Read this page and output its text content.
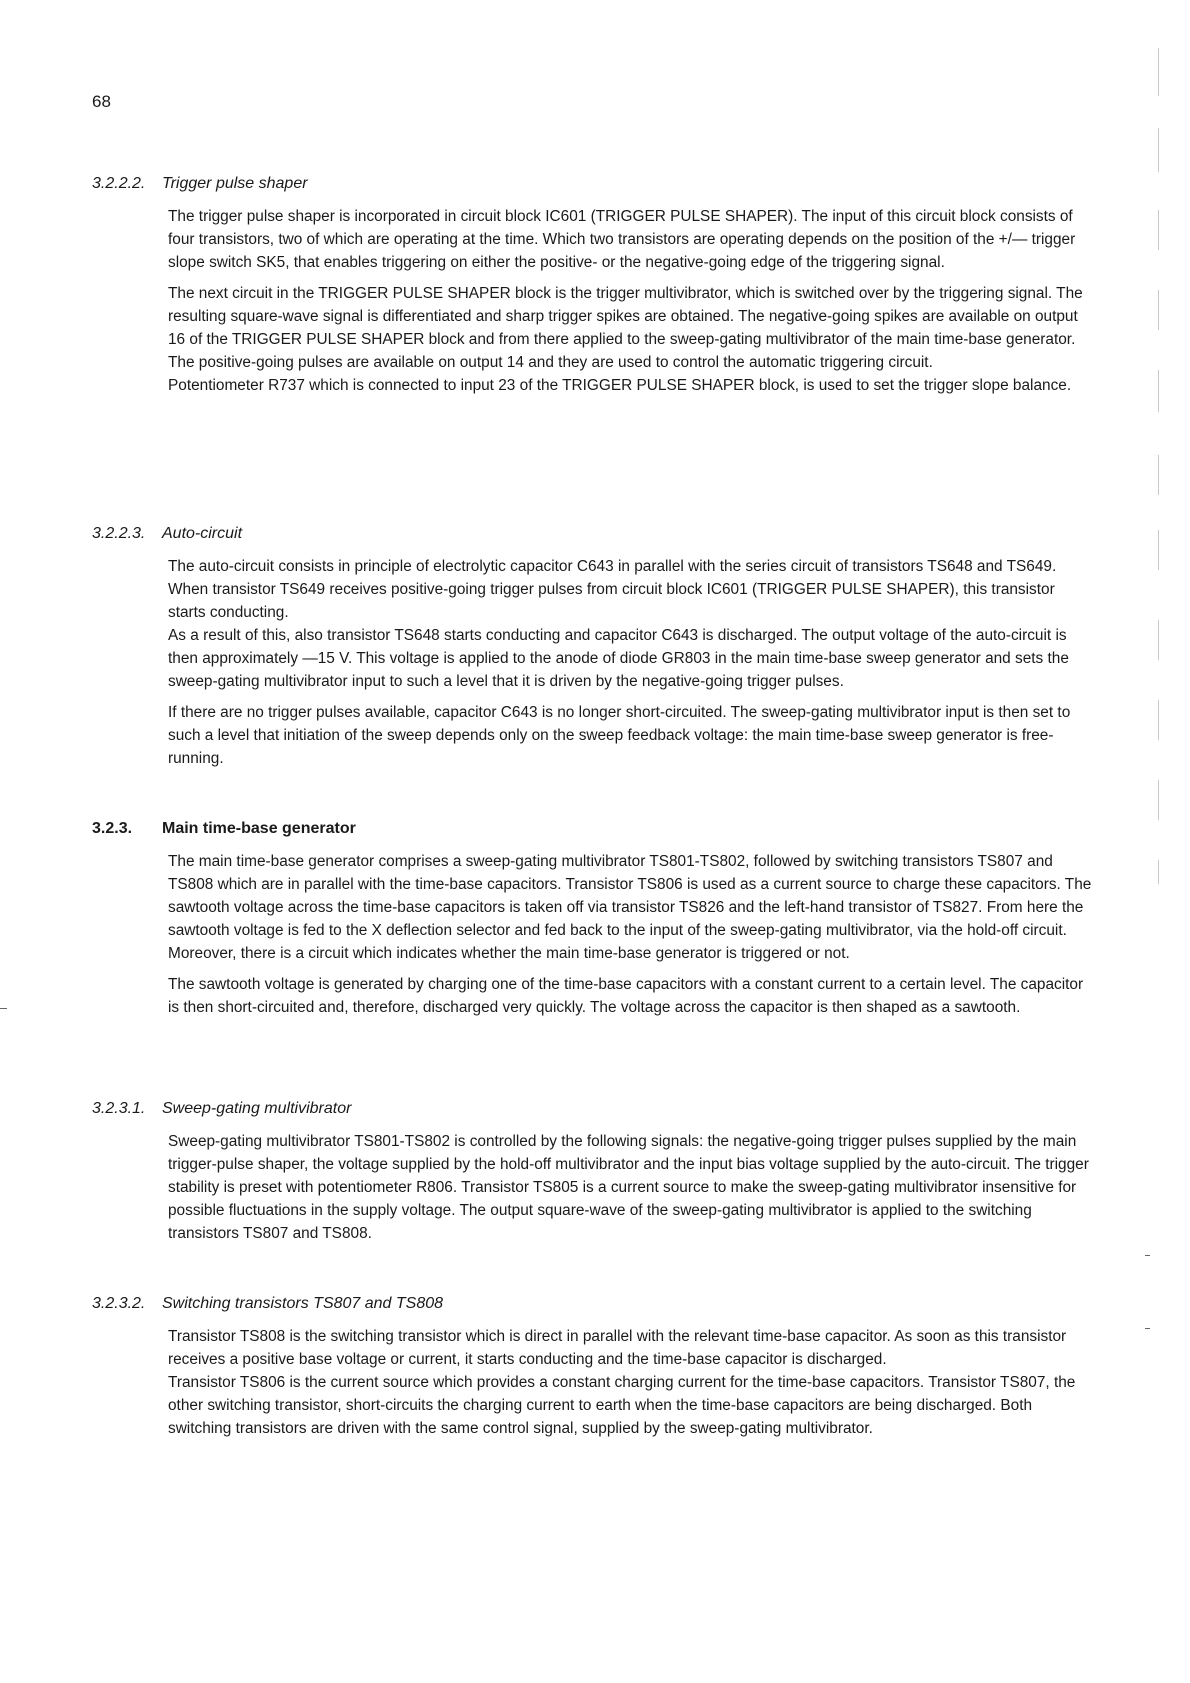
68
3.2.2.2.	Trigger pulse shaper

The trigger pulse shaper is incorporated in circuit block IC601 (TRIGGER PULSE SHAPER). The input of this circuit block consists of four transistors, two of which are operating at the time. Which two transistors are operating depends on the position of the +/— trigger slope switch SK5, that enables triggering on either the positive- or the negative-going edge of the triggering signal.

The next circuit in the TRIGGER PULSE SHAPER block is the trigger multivibrator, which is switched over by the triggering signal. The resulting square-wave signal is differentiated and sharp trigger spikes are obtained. The negative-going spikes are available on output 16 of the TRIGGER PULSE SHAPER block and from there applied to the sweep-gating multivibrator of the main time-base generator.

The positive-going pulses are available on output 14 and they are used to control the automatic triggering circuit.

Potentiometer R737 which is connected to input 23 of the TRIGGER PULSE SHAPER block, is used to set the trigger slope balance.

3.2.2.3.	Auto-circuit

The auto-circuit consists in principle of electrolytic capacitor C643 in parallel with the series circuit of transistors TS648 and TS649. When transistor TS649 receives positive-going trigger pulses from circuit block IC601 (TRIGGER PULSE SHAPER), this transistor starts conducting.

As a result of this, also transistor TS648 starts conducting and capacitor C643 is discharged. The output voltage of the auto-circuit is then approximately —15 V. This voltage is applied to the anode of diode GR803 in the main time-base sweep generator and sets the sweep-gating multivibrator input to such a level that it is driven by the negative-going trigger pulses.

If there are no trigger pulses available, capacitor C643 is no longer short-circuited. The sweep-gating multivibrator input is then set to such a level that initiation of the sweep depends only on the sweep feedback voltage: the main time-base sweep generator is free-running.

3.2.3.	Main time-base generator

The main time-base generator comprises a sweep-gating multivibrator TS801-TS802, followed by switching transistors TS807 and TS808 which are in parallel with the time-base capacitors. Transistor TS806 is used as a current source to charge these capacitors. The sawtooth voltage across the time-base capacitors is taken off via transistor TS826 and the left-hand transistor of TS827. From here the sawtooth voltage is fed to the X deflection selector and fed back to the input of the sweep-gating multivibrator, via the hold-off circuit. Moreover, there is a circuit which indicates whether the main time-base generator is triggered or not.

The sawtooth voltage is generated by charging one of the time-base capacitors with a constant current to a certain level. The capacitor is then short-circuited and, therefore, discharged very quickly. The voltage across the capacitor is then shaped as a sawtooth.

3.2.3.1.	Sweep-gating multivibrator

Sweep-gating multivibrator TS801-TS802 is controlled by the following signals: the negative-going trigger pulses supplied by the main trigger-pulse shaper, the voltage supplied by the hold-off multivibrator and the input bias voltage supplied by the auto-circuit. The trigger stability is preset with potentiometer R806. Transistor TS805 is a current source to make the sweep-gating multivibrator insensitive for possible fluctuations in the supply voltage. The output square-wave of the sweep-gating multivibrator is applied to the switching transistors TS807 and TS808.

3.2.3.2.	Switching transistors TS807 and TS808

Transistor TS808 is the switching transistor which is direct in parallel with the relevant time-base capacitor. As soon as this transistor receives a positive base voltage or current, it starts conducting and the time-base capacitor is discharged.

Transistor TS806 is the current source which provides a constant charging current for the time-base capacitors. Transistor TS807, the other switching transistor, short-circuits the charging current to earth when the time-base capacitors are being discharged. Both switching transistors are driven with the same control signal, supplied by the sweep-gating multivibrator.
